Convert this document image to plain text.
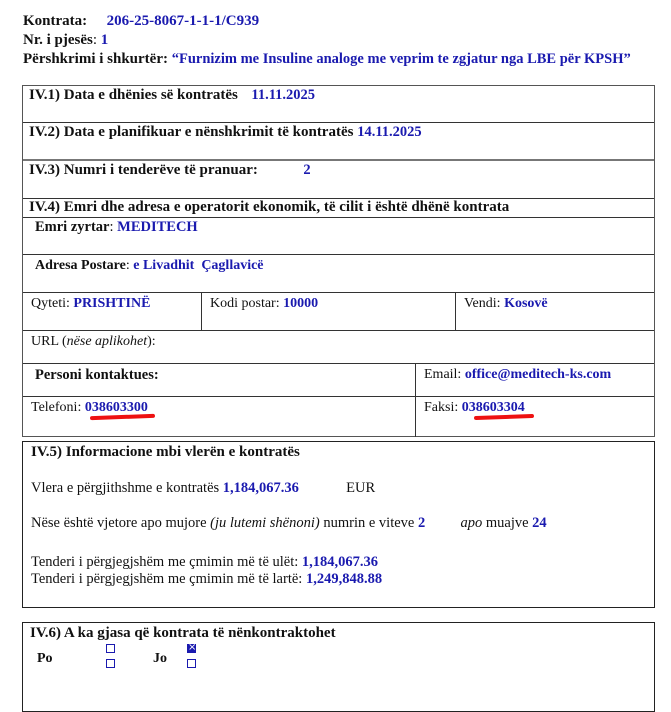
Kontrata: 206-25-8067-1-1-1/C939
Nr. i pjesës: 1
Përshkrimi i shkurtër: “Furnizim me Insuline analoge me veprim te zgjatur nga LBE për KPSH”
IV.1) Data e dhënies së kontratës 11.11.2025
IV.2) Data e planifikuar e nënshkrimit të kontratës 14.11.2025
IV.3) Numri i tenderëve të pranuar:	2
IV.4) Emri dhe adresa e operatorit ekonomik, të cilit i është dhënë kontrata
Emri zyrtar: MEDITECH
Adresa Postare: e Livadhit  Çagllavicë
Qyteti: PRISHTINË	Kodi postar: 10000	Vendi: Kosovë
URL (nëse aplikohet):
Personi kontaktues:	Email: office@meditech-ks.com
Telefoni: 038603300	Faksi: 038603304
IV.5) Informacione mbi vlerën e kontratës
Vlera e përgjithshme e kontratës 1,184,067.36	EUR
Nëse është vjetore apo mujore (ju lutemi shënoni) numrin e viteve 2 apo muajve 24
Tenderi i përgjegjshëm me çmimin më të ulët: 1,184,067.36
Tenderi i përgjegjshëm me çmimin më të lartë: 1,249,848.88
IV.6) A ka gjasa që kontrata të nënkontraktohet
Po	Jo
×
